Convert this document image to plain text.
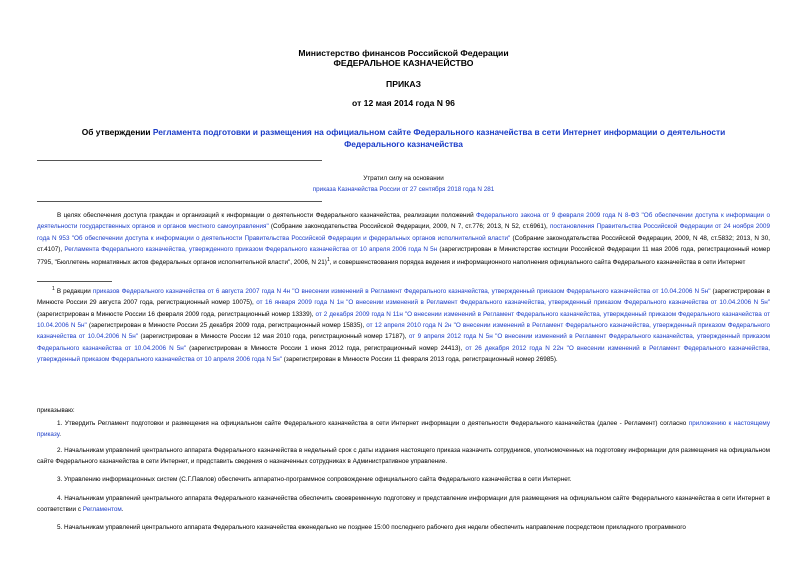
Министерство финансов Российской Федерации
ФЕДЕРАЛЬНОЕ КАЗНАЧЕЙСТВО
ПРИКАЗ
от 12 мая 2014 года N 96
Об утверждении Регламента подготовки и размещения на официальном сайте Федерального казначейства в сети Интернет информации о деятельности Федерального казначейства
Утратил силу на основании
приказа Казначейства России от 27 сентября 2018 года N 281
В целях обеспечения доступа граждан и организаций к информации о деятельности Федерального казначейства, реализации положений Федерального закона от 9 февраля 2009 года N 8-ФЗ "Об обеспечении доступа к информации о деятельности государственных органов и органов местного самоуправления" (Собрание законодательства Российской Федерации, 2009, N 7, ст.776; 2013, N 52, ст.6961), постановления Правительства Российской Федерации от 24 ноября 2009 года N 953 "Об обеспечении доступа к информации о деятельности Правительства Российской Федерации и федеральных органов исполнительной власти" (Собрание законодательства Российской Федерации, 2009, N 48, ст.5832; 2013, N 30, ст.4107), Регламента Федерального казначейства, утвержденного приказом Федерального казначейства от 10 апреля 2006 года N 5н (зарегистрирован в Министерстве юстиции Российской Федерации 11 мая 2006 года, регистрационный номер 7795, "Бюллетень нормативных актов федеральных органов исполнительной власти", 2006, N 21)$^1$, и совершенствования порядка ведения и информационного наполнения официального сайта Федерального казначейства в сети Интернет
$^1$ В редакции приказов Федерального казначейства от 6 августа 2007 года N 4н "О внесении изменений в Регламент Федерального казначейства, утвержденный приказом Федерального казначейства от 10.04.2006 N 5н" (зарегистрирован в Минюсте России 29 августа 2007 года, регистрационный номер 10075), от 16 января 2009 года N 1н "О внесении изменений в Регламент Федерального казначейства, утвержденный приказом Федерального казначейства от 10.04.2006 N 5н" (зарегистрирован в Минюсте России 16 февраля 2009 года, регистрационный номер 13339), от 2 декабря 2009 года N 11н "О внесении изменений в Регламент Федерального казначейства, утвержденный приказом Федерального казначейства от 10.04.2006 N 5н" (зарегистрирован в Минюсте России 25 декабря 2009 года, регистрационный номер 15835), от 12 апреля 2010 года N 2н "О внесении изменений в Регламент Федерального казначейства, утвержденный приказом Федерального казначейства от 10.04.2006 N 5н" (зарегистрирован в Минюсте России 12 мая 2010 года, регистрационный номер 17187), от 9 апреля 2012 года N 5н "О внесении изменений в Регламент Федерального казначейства, утвержденный приказом Федерального казначейства от 10.04.2006 N 5н" (зарегистрирован в Минюсте России 1 июня 2012 года, регистрационный номер 24413), от 26 декабря 2012 года N 22н "О внесении изменений в Регламент Федерального казначейства, утвержденный приказом Федерального казначейства от 10 апреля 2006 года N 5н" (зарегистрирован в Минюсте России 11 февраля 2013 года, регистрационный номер 26985).
приказываю:
1. Утвердить Регламент подготовки и размещения на официальном сайте Федерального казначейства в сети Интернет информации о деятельности Федерального казначейства (далее - Регламент) согласно приложению к настоящему приказу.
2. Начальникам управлений центрального аппарата Федерального казначейства в недельный срок с даты издания настоящего приказа назначить сотрудников, уполномоченных на подготовку информации для размещения на официальном сайте Федерального казначейства в сети Интернет, и представить сведения о назначенных сотрудниках в Административное управление.
3. Управлению информационных систем (С.Г.Павлов) обеспечить аппаратно-программное сопровождение официального сайта Федерального казначейства в сети Интернет.
4. Начальникам управлений центрального аппарата Федерального казначейства обеспечить своевременную подготовку и представление информации для размещения на официальном сайте Федерального казначейства в сети Интернет в соответствии с Регламентом.
5. Начальникам управлений центрального аппарата Федерального казначейства еженедельно не позднее 15:00 последнего рабочего дня недели обеспечить направление посредством прикладного программного
